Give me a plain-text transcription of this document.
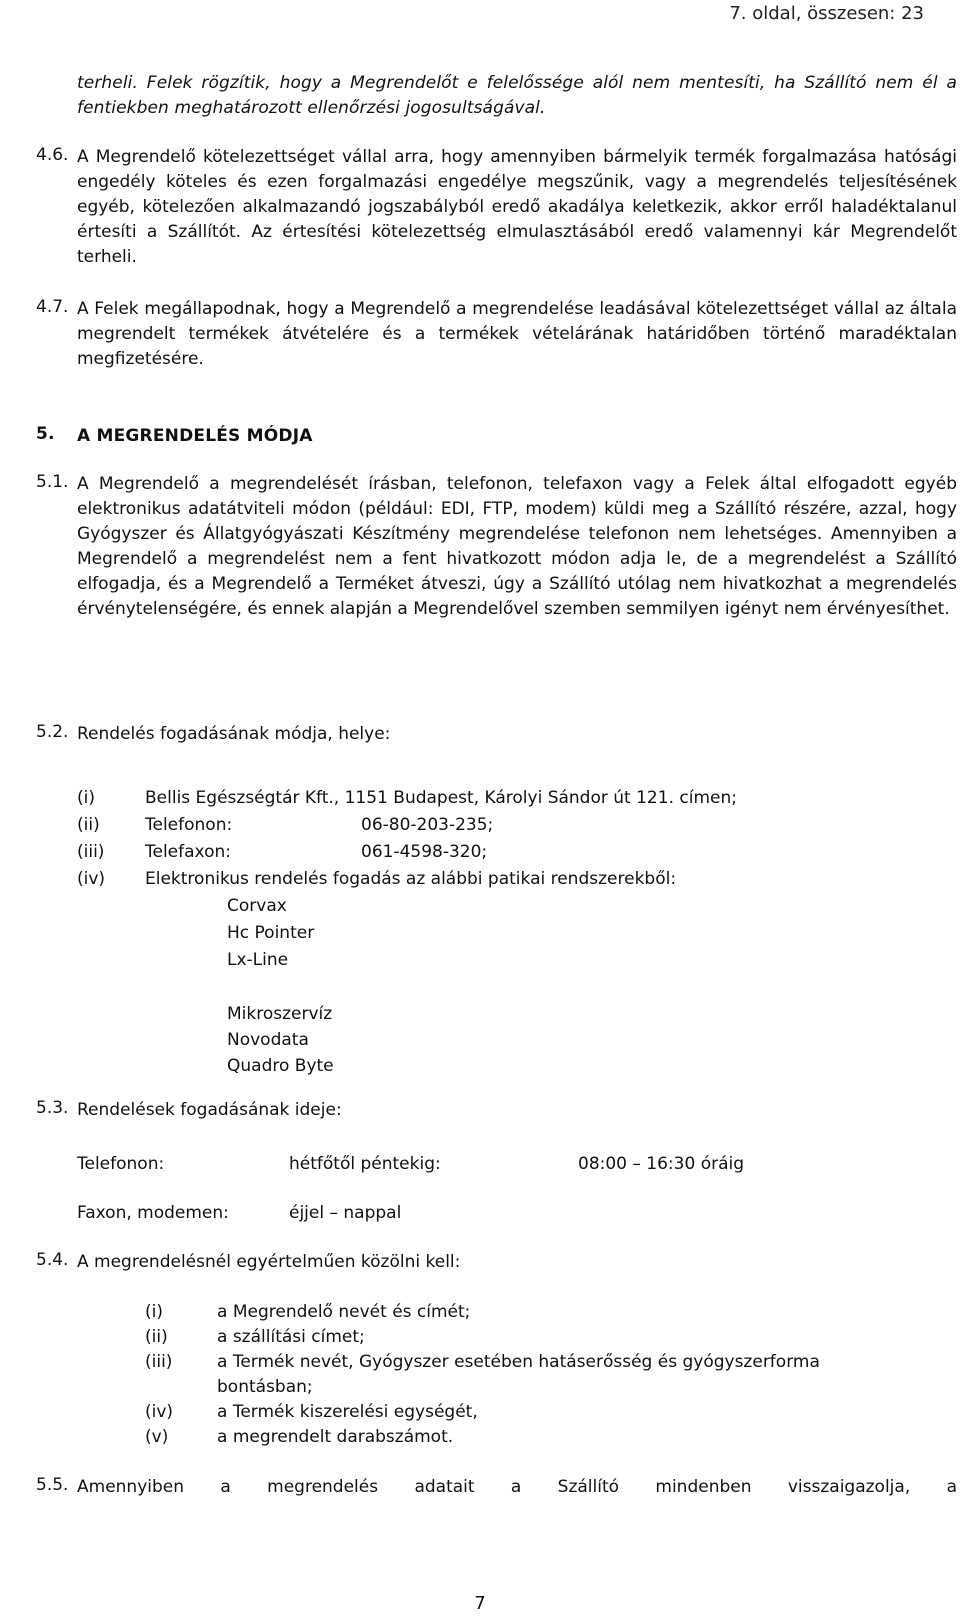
7. oldal, összesen: 23
terheli. Felek rögzítik, hogy a Megrendelőt e felelőssége alól nem mentesíti, ha Szállító nem él a fentiekben meghatározott ellenőrzési jogosultságával.
4.6. A Megrendelő kötelezettséget vállal arra, hogy amennyiben bármelyik termék forgalmazása hatósági engedély köteles és ezen forgalmazási engedélye megszűnik, vagy a megrendelés teljesítésének egyéb, kötelezően alkalmazandó jogszabályból eredő akadálya keletkezik, akkor erről haladéktalanul értesíti a Szállítót. Az értesítési kötelezettség elmulasztásából eredő valamennyi kár Megrendelőt terheli.
4.7. A Felek megállapodnak, hogy a Megrendelő a megrendelése leadásával kötelezettséget vállal az általa megrendelt termékek átvételére és a termékek vételárának határidőben történő maradéktalan megfizetésére.
5.	A MEGRENDELÉS MÓDJA
5.1. A Megrendelő a megrendelését írásban, telefonon, telefaxon vagy a Felek által elfogadott egyéb elektronikus adatátviteli módon (például: EDI, FTP, modem) küldi meg a Szállító részére, azzal, hogy Gyógyszer és Állatgyógyászati Készítmény megrendelése telefonon nem lehetséges. Amennyiben a Megrendelő a megrendelést nem a fent hivatkozott módon adja le, de a megrendelést a Szállító elfogadja, és a Megrendelő a Terméket átveszi, úgy a Szállító utólag nem hivatkozhat a megrendelés érvénytelenségére, és ennek alapján a Megrendelővel szemben semmilyen igényt nem érvényesíthet.
5.2. Rendelés fogadásának módja, helye:
(i)	Bellis Egészségtár Kft., 1151 Budapest, Károlyi Sándor út 121. címen;
(ii)	Telefonon:	06-80-203-235;
(iii) Telefaxon:	061-4598-320;
(iv) Elektronikus rendelés fogadás az alábbi patikai rendszerekből:
Corvax
Hc Pointer
Lx-Line
Mikroszervíz
Novodata
Quadro Byte
5.3. Rendelések fogadásának ideje:
Telefonon:	hétfőtől péntekig:	08:00 – 16:30 óráig
Faxon, modemen:	éjjel – nappal
5.4. A megrendelésnél egyértelműen közölni kell:
(i)	a Megrendelő nevét és címét;
(ii)	a szállítási címet;
(iii)	a Termék nevét, Gyógyszer esetében hatáserősség és gyógyszerforma
bontásban;
(iv)	a Termék kiszerelési egységét,
(v)	a megrendelt darabszámot.
5.5. Amennyiben a megrendelés adatait a Szállító mindenben visszaigazolja, a
7
